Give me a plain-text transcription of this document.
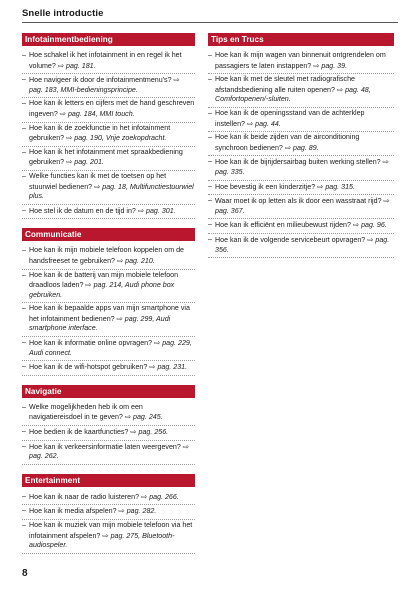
Snelle introductie
Infotainmentbediening
– Hoe schakel ik het infotainment in en regel ik het volume? ⇨ pag. 181.
– Hoe navigeer ik door de infotainmentmenu's? ⇨ pag. 183, MMI-bedieningsprincipe.
– Hoe kan ik letters en cijfers met de hand geschreven ingeven? ⇨ pag. 184, MMI touch.
– Hoe kan ik de zoekfunctie in het infotainment gebruiken? ⇨ pag. 190, Vrije zoekopdracht.
– Hoe kan ik het infotainment met spraakbediening gebruiken? ⇨ pag. 201.
– Welke functies kan ik met de toetsen op het stuurwiel bedienen? ⇨ pag. 18, Multifunctiestuurwiel plus.
– Hoe stel ik de datum en de tijd in? ⇨ pag. 301.
Communicatie
– Hoe kan ik mijn mobiele telefoon koppelen om de handsfreeset te gebruiken? ⇨ pag. 210.
– Hoe kan ik de batterij van mijn mobiele telefoon draadloos laden? ⇨ pag. 214, Audi phone box gebruiken.
– Hoe kan ik bepaalde apps van mijn smartphone via het infotainment bedienen? ⇨ pag. 299, Audi smartphone interface.
– Hoe kan ik informatie online opvragen? ⇨ pag. 229, Audi connect.
– Hoe kan ik de wifi-hotspot gebruiken? ⇨ pag. 231.
Navigatie
– Welke mogelijkheden heb ik om een navigatiereisdoel in te geven? ⇨ pag. 245.
– Hoe bedien ik de kaartfuncties? ⇨ pag. 256.
– Hoe kan ik verkeersinformatie laten weergeven? ⇨ pag. 262.
Entertainment
– Hoe kan ik naar de radio luisteren? ⇨ pag. 266.
– Hoe kan ik media afspelen? ⇨ pag. 282.
– Hoe kan ik muziek van mijn mobiele telefoon via het infotainment afspelen? ⇨ pag. 275, Bluetooth-audiospeler.
Tips en Trucs
– Hoe kan ik mijn wagen van binnenuit ontgrendelen om passagiers te laten instappen? ⇨ pag. 39.
– Hoe kan ik met de sleutel met radiografische afstandsbediening alle ruiten openen? ⇨ pag. 48, Comfortopenen/-sluiten.
– Hoe kan ik de openingsstand van de achterklep instellen? ⇨ pag. 44.
– Hoe kan ik beide zijden van de airconditioning synchroon bedienen? ⇨ pag. 89.
– Hoe kan ik de bijrijdersairbag buiten werking stellen? ⇨ pag. 335.
– Hoe bevestig ik een kinderzitje? ⇨ pag. 315.
– Waar moet ik op letten als ik door een wasstraat rijd? ⇨ pag. 367.
– Hoe kan ik efficiënt en milieubewust rijden? ⇨ pag. 96.
– Hoe kan ik de volgende servicebeurt opvragen? ⇨ pag. 356.
8
